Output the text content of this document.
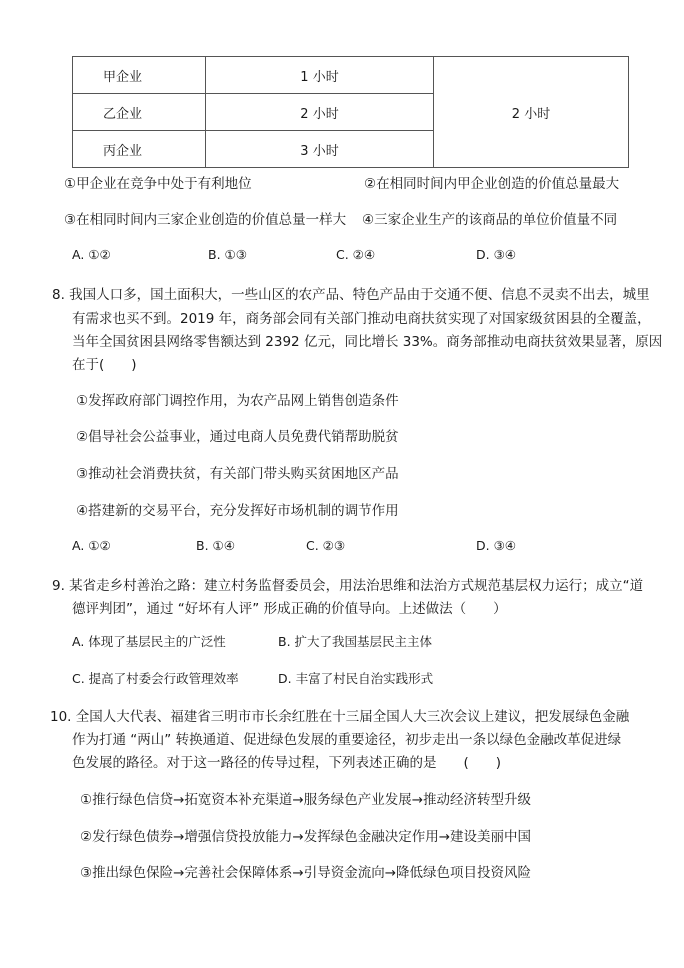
甲企业	1 小时	2 小时
乙企业	2 小时	
丙企业	3 小时	
①甲企业在竞争中处于有利地位	②在相同时间内甲企业创造的价值总量最大
③在相同时间内三家企业创造的价值总量一样大 ④三家企业生产的该商品的单位价值量不同
A. ①②	B. ①③	C. ②④	D. ③④
8. 我国人口多，国土面积大，一些山区的农产品、特色产品由于交通不便、信息不灵卖不出去，城里
有需求也买不到。2019 年，商务部会同有关部门推动电商扶贫实现了对国家级贫困县的全覆盖，
当年全国贫困县网络零售额达到 2392 亿元，同比增长 33%。商务部推动电商扶贫效果显著，原因
在于(　　)
①发挥政府部门调控作用，为农产品网上销售创造条件
②倡导社会公益事业，通过电商人员免费代销帮助脱贫
③推动社会消费扶贫，有关部门带头购买贫困地区产品
④搭建新的交易平台，充分发挥好市场机制的调节作用
A. ①②	B. ①④	C. ②③	D. ③④
9. 某省走乡村善治之路：建立村务监督委员会，用法治思维和法治方式规范基层权力运行；成立“道
德评判团”，通过 “好坏有人评” 形成正确的价值导向。上述做法（　　）
A. 体现了基层民主的广泛性	B. 扩大了我国基层民主主体
C. 提高了村委会行政管理效率	D. 丰富了村民自治实践形式
10. 全国人大代表、福建省三明市市长余红胜在十三届全国人大三次会议上建议，把发展绿色金融
作为打通 “两山” 转换通道、促进绿色发展的重要途径，初步走出一条以绿色金融改革促进绿
色发展的路径。对于这一路径的传导过程，下列表述正确的是　　(　　)
①推行绿色信贷→拓宽资本补充渠道→服务绿色产业发展→推动经济转型升级
②发行绿色债券→增强信贷投放能力→发挥绿色金融决定作用→建设美丽中国
③推出绿色保险→完善社会保障体系→引导资金流向→降低绿色项目投资风险
